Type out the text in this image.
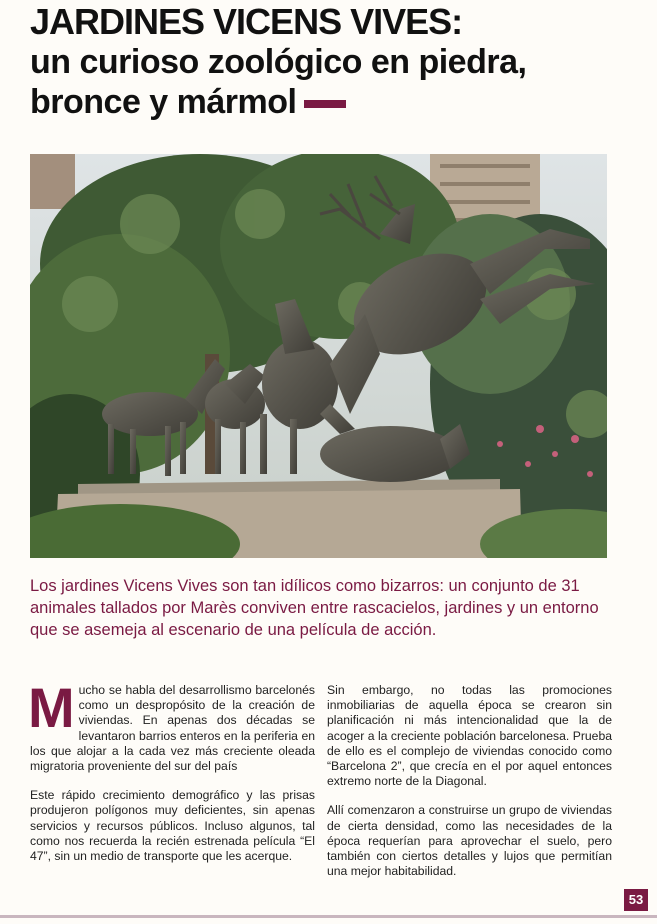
JARDINES VICENS VIVES:
un curioso zoológico en piedra,
bronce y mármol
Los jardines Vicens Vives son tan idílicos como bizarros: un conjunto de 31 animales tallados por Marès conviven entre rascacielos, jardines y un entorno que se asemeja al escenario de una película de acción.

Mucho se habla del desarrollismo barcelonés como un despropósito de la creación de viviendas. En apenas dos décadas se levantaron barrios enteros en la periferia en los que alojar a la cada vez más creciente oleada migratoria proveniente del sur del país

Este rápido crecimiento demográfico y las prisas produjeron polígonos muy deficientes, sin apenas servicios y recursos públicos. Incluso algunos, tal como nos recuerda la recién estrenada película “El 47”, sin un medio de transporte que les acerque.

Sin embargo, no todas las promociones inmobiliarias de aquella época se crearon sin planificación ni más intencionalidad que la de acoger a la creciente población barcelonesa. Prueba de ello es el complejo de viviendas conocido como “Barcelona 2”, que crecía en el por aquel entonces extremo norte de la Diagonal.

Allí comenzaron a construirse un grupo de viviendas de cierta densidad, como las necesidades de la época requerían para aprovechar el suelo, pero también con ciertos detalles y lujos que permitían una mejor habitabilidad.

53
